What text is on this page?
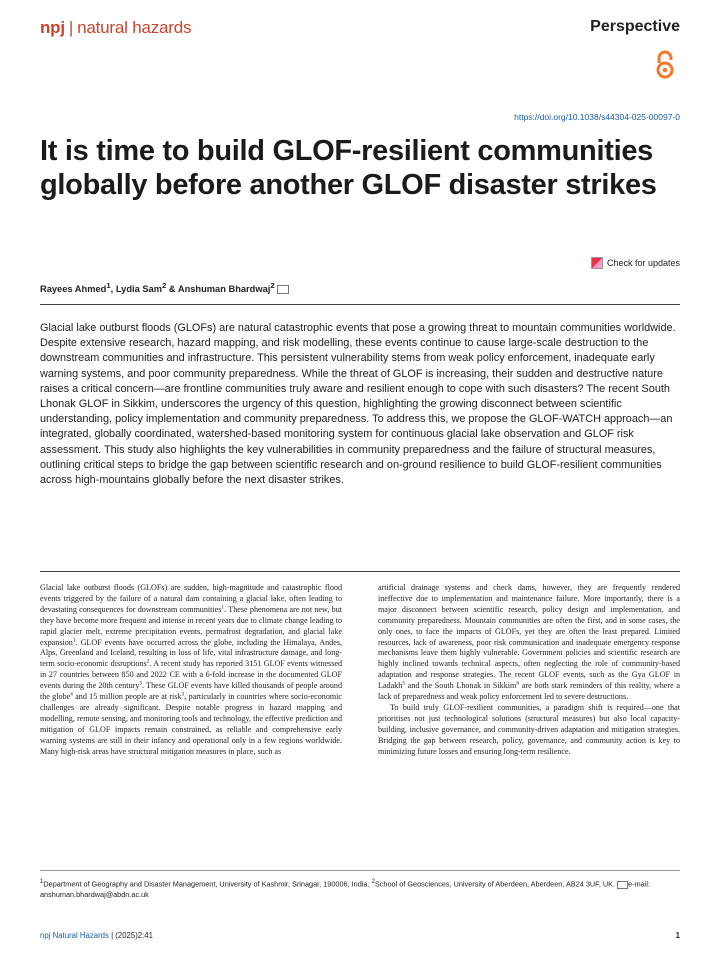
npj | natural hazards	Perspective
https://doi.org/10.1038/s44304-025-00097-0
It is time to build GLOF-resilient communities globally before another GLOF disaster strikes
Check for updates
Rayees Ahmed$^1$, Lydia Sam$^2$ & Anshuman Bhardwaj$^2$

Glacial lake outburst floods (GLOFs) are natural catastrophic events that pose a growing threat to mountain communities worldwide. Despite extensive research, hazard mapping, and risk modelling, these events continue to cause large-scale destruction to the downstream communities and infrastructure. This persistent vulnerability stems from weak policy enforcement, inadequate early warning systems, and poor community preparedness. While the threat of GLOF is increasing, their sudden and destructive nature raises a critical concern—are frontline communities truly aware and resilient enough to cope with such disasters? The recent South Lhonak GLOF in Sikkim, underscores the urgency of this question, highlighting the growing disconnect between scientific understanding, policy implementation and community preparedness. To address this, we propose the GLOF-WATCH approach—an integrated, globally coordinated, watershed-based monitoring system for continuous glacial lake observation and GLOF risk assessment. This study also highlights the key vulnerabilities in community preparedness and the failure of structural measures, outlining critical steps to bridge the gap between scientific research and on-ground resilience to build GLOF-resilient communities across high-mountains globally before the next disaster strikes.

Glacial lake outburst floods (GLOFs) are sudden, high-magnitude and catastrophic flood events triggered by the failure of a natural dam containing a glacial lake, often leading to devastating consequences for downstream communities$^1$. These phenomena are not new, but they have become more frequent and intense in recent years due to climate change leading to rapid glacier melt, extreme precipitation events, permafrost degradation, and glacial lake expansion$^1$. GLOF events have occurred across the globe, including the Himalaya, Andes, Alps, Greenland and Iceland, resulting in loss of life, vital infrastructure damage, and long-term socio-economic disruptions$^2$. A recent study has reported 3151 GLOF events witnessed in 27 countries between 850 and 2022 CE with a 6-fold increase in the documented GLOF events during the 20th century$^3$. These GLOF events have killed thousands of people around the globe$^4$ and 15 million people are at risk$^3$, particularly in countries where socio-economic challenges are already significant. Despite notable progress in hazard mapping and modelling, remote sensing, and monitoring tools and technology, the effective prediction and mitigation of GLOF impacts remain constrained, as reliable and comprehensive early warning systems are still in their infancy and operational only in a few regions worldwide. Many high-risk areas have structural mitigation measures in place, such as

artificial drainage systems and check dams, however, they are frequently rendered ineffective due to implementation and maintenance failure. More importantly, there is a major disconnect between scientific research, policy design and implementation, and community preparedness. Mountain communities are often the first, and in some cases, the only ones, to face the impacts of GLOFs, yet they are often the least prepared. Limited resources, lack of awareness, poor risk communication and inadequate emergency response mechanisms leave them highly vulnerable. Government policies and scientific research are highly inclined towards technical aspects, often neglecting the role of community-based adaptation and response strategies. The recent GLOF events, such as the Gya GLOF in Ladakh$^5$ and the South Lhonak in Sikkim$^6$ are both stark reminders of this reality, where a lack of preparedness and weak policy enforcement led to severe destructions.

To build truly GLOF-resilient communities, a paradigm shift is required—one that prioritises not just technological solutions (structural measures) but also local capacity-building, inclusive governance, and community-driven adaptation and mitigation strategies. Bridging the gap between research, policy, governance, and community action is key to minimizing future losses and ensuring long-term resilience.

$^1$Department of Geography and Disaster Management, University of Kashmir, Srinagar, 190006, India. $^2$School of Geosciences, University of Aberdeen, Aberdeen, AB24 3UF, UK. e-mail: anshuman.bhardwaj@abdn.ac.uk

npj Natural Hazards | (2025)2:41	1
